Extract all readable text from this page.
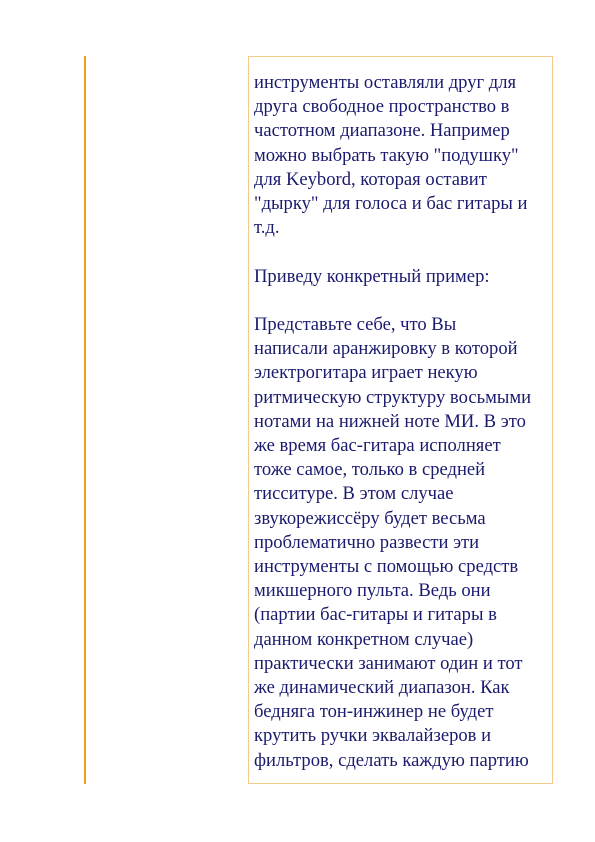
инструменты оставляли друг для
друга свободное пространство в
частотном диапазоне. Например
можно выбрать такую "подушку"
для Keybord, которая оставит
"дырку" для голоса и бас гитары и
т.д.

Приведу конкретный пример:

Представьте себе, что Вы
написали аранжировку в которой
электрогитара играет некую
ритмическую структуру восьмыми
нотами на нижней ноте МИ. В это
же время бас-гитара исполняет
тоже самое, только в средней
тисситуре. В этом случае
звукорежиссёру будет весьма
проблематично развести эти
инструменты с помощью средств
микшерного пульта. Ведь они
(партии бас-гитары и гитары в
данном конкретном случае)
практически занимают один и тот
же динамический диапазон. Как
бедняга тон-инжинер не будет
крутить ручки эквалайзеров и
фильтров, сделать каждую партию
